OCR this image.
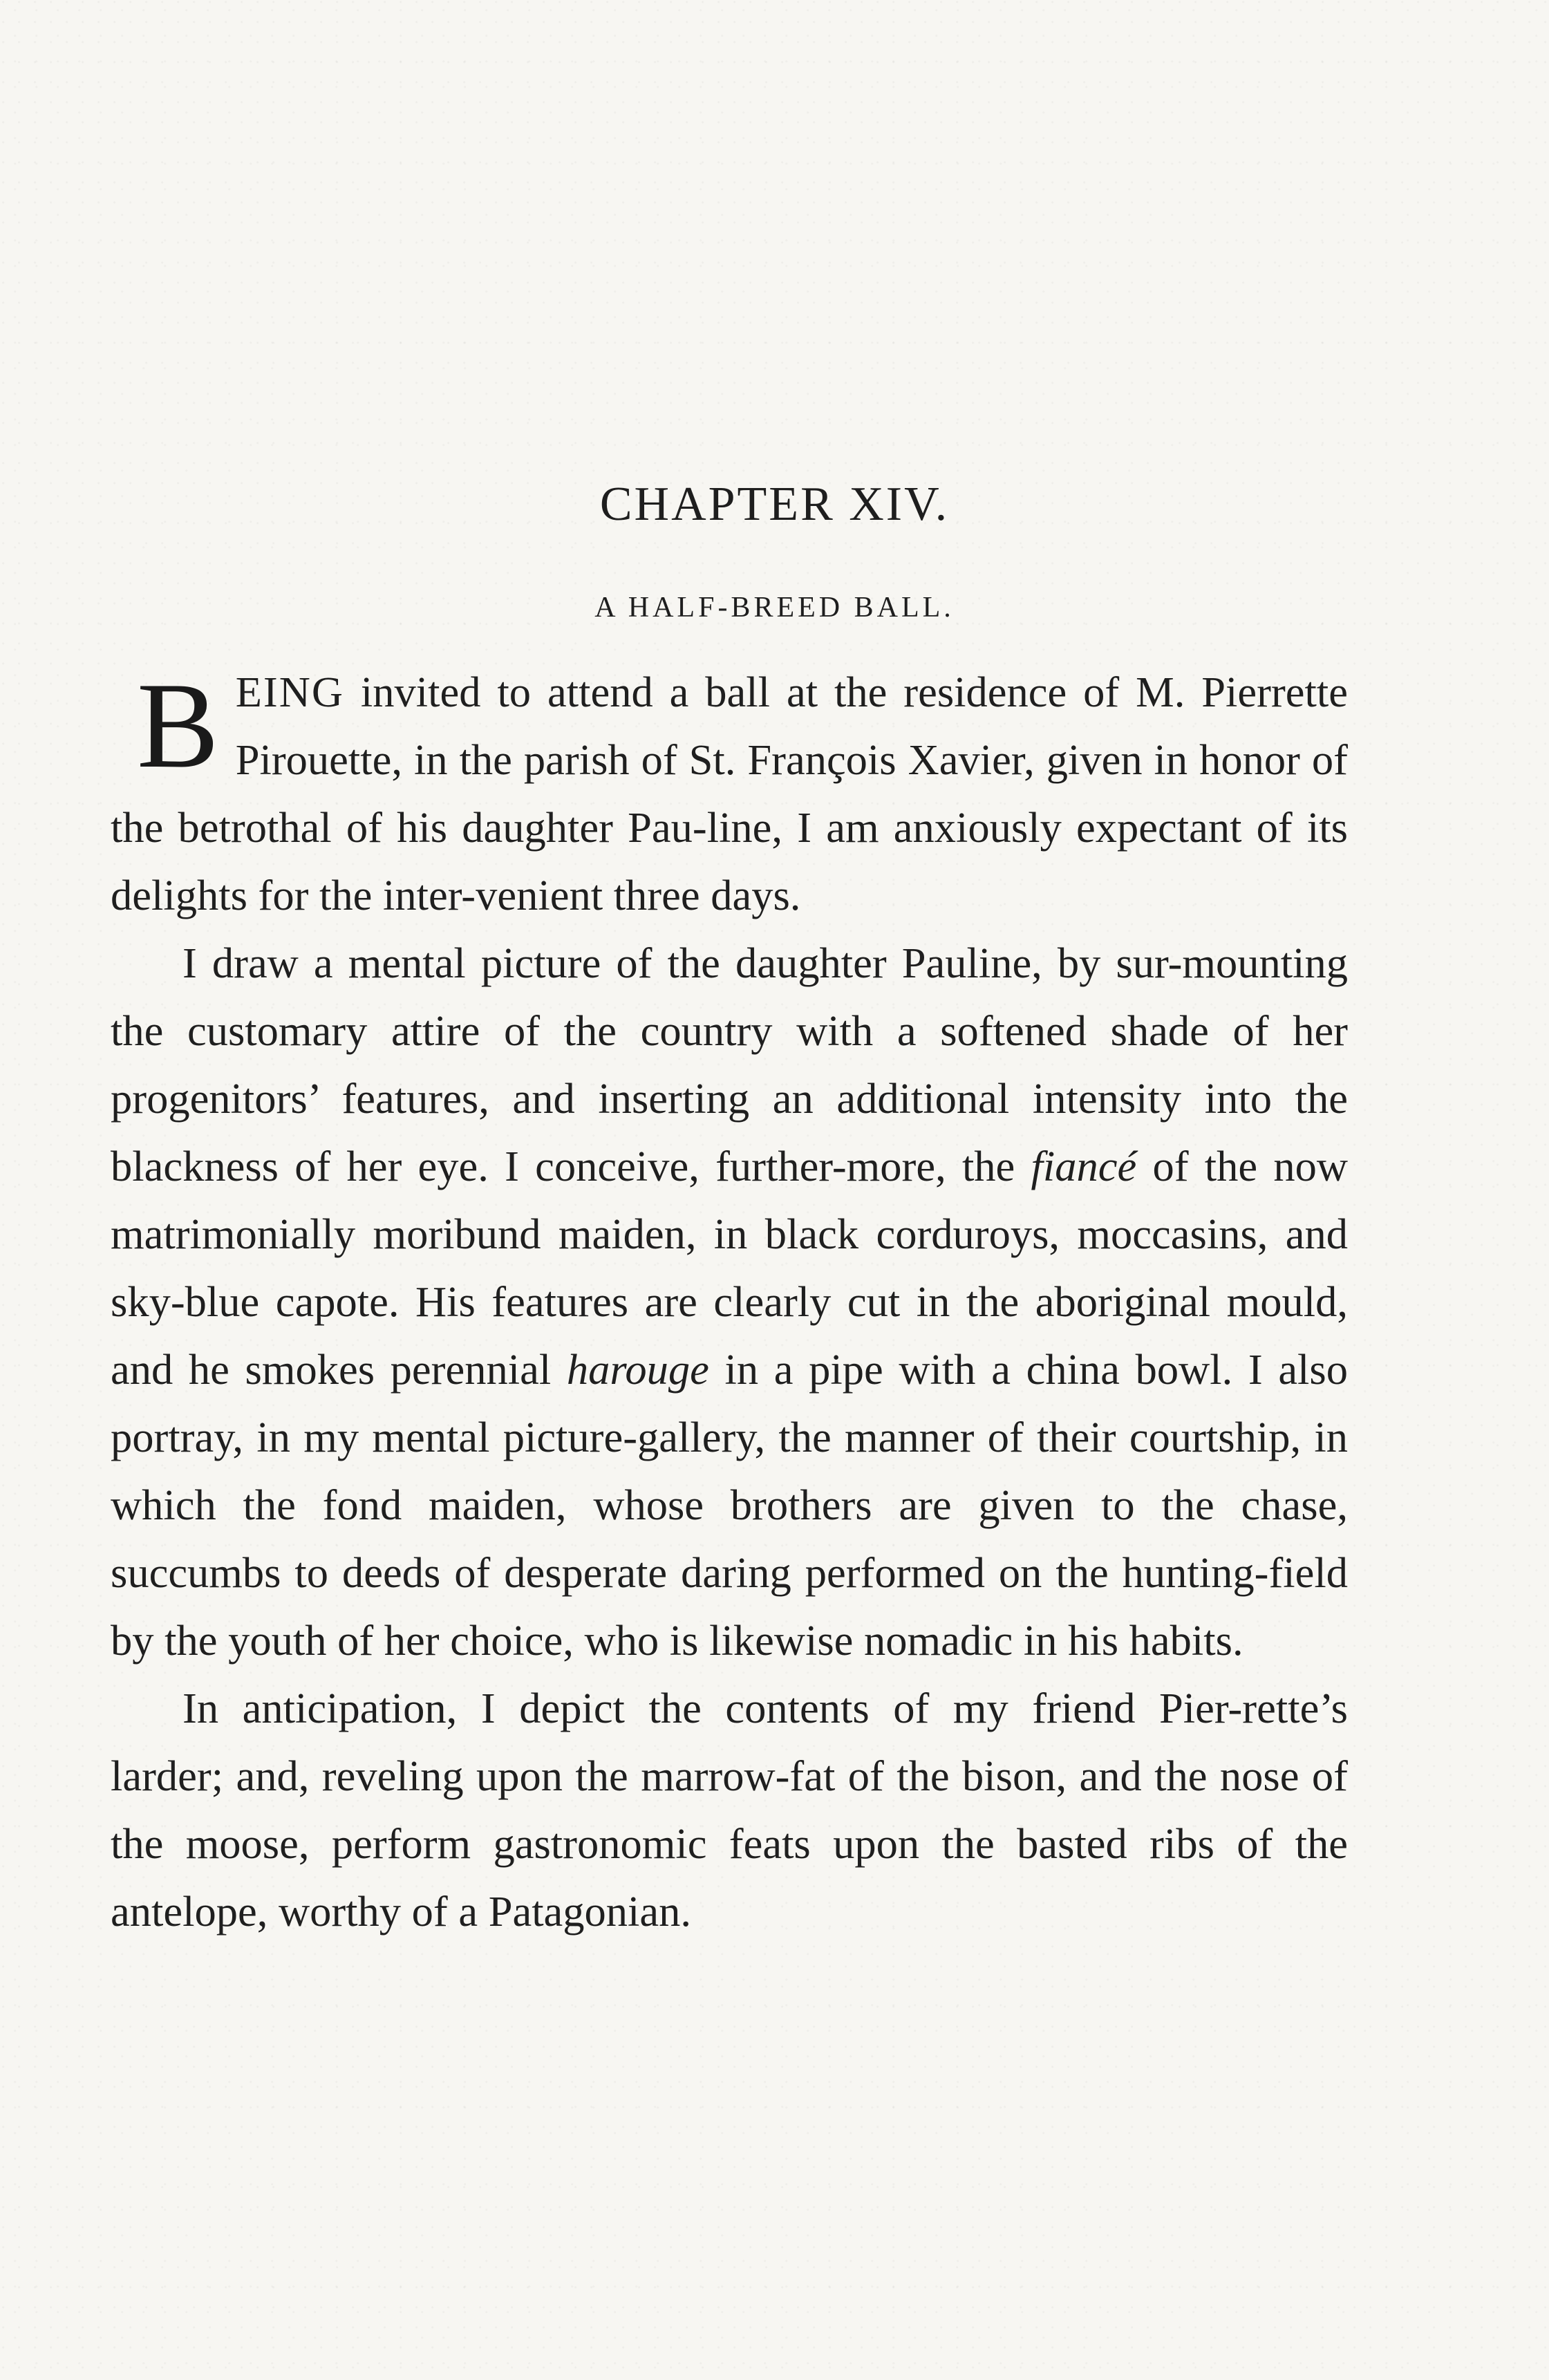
CHAPTER XIV.
A HALF-BREED BALL.

BEING invited to attend a ball at the residence of M. Pierrette Pirouette, in the parish of St. François Xavier, given in honor of the betrothal of his daughter Pau-line, I am anxiously expectant of its delights for the inter-venient three days.

I draw a mental picture of the daughter Pauline, by sur-mounting the customary attire of the country with a softened shade of her progenitors’ features, and inserting an additional intensity into the blackness of her eye. I conceive, further-more, the fiancé of the now matrimonially moribund maiden, in black corduroys, moccasins, and sky-blue capote. His features are clearly cut in the aboriginal mould, and he smokes perennial harouge in a pipe with a china bowl. I also portray, in my mental picture-gallery, the manner of their courtship, in which the fond maiden, whose brothers are given to the chase, succumbs to deeds of desperate daring performed on the hunting-field by the youth of her choice, who is likewise nomadic in his habits.

In anticipation, I depict the contents of my friend Pier-rette’s larder; and, reveling upon the marrow-fat of the bison, and the nose of the moose, perform gastronomic feats upon the basted ribs of the antelope, worthy of a Patagonian.
